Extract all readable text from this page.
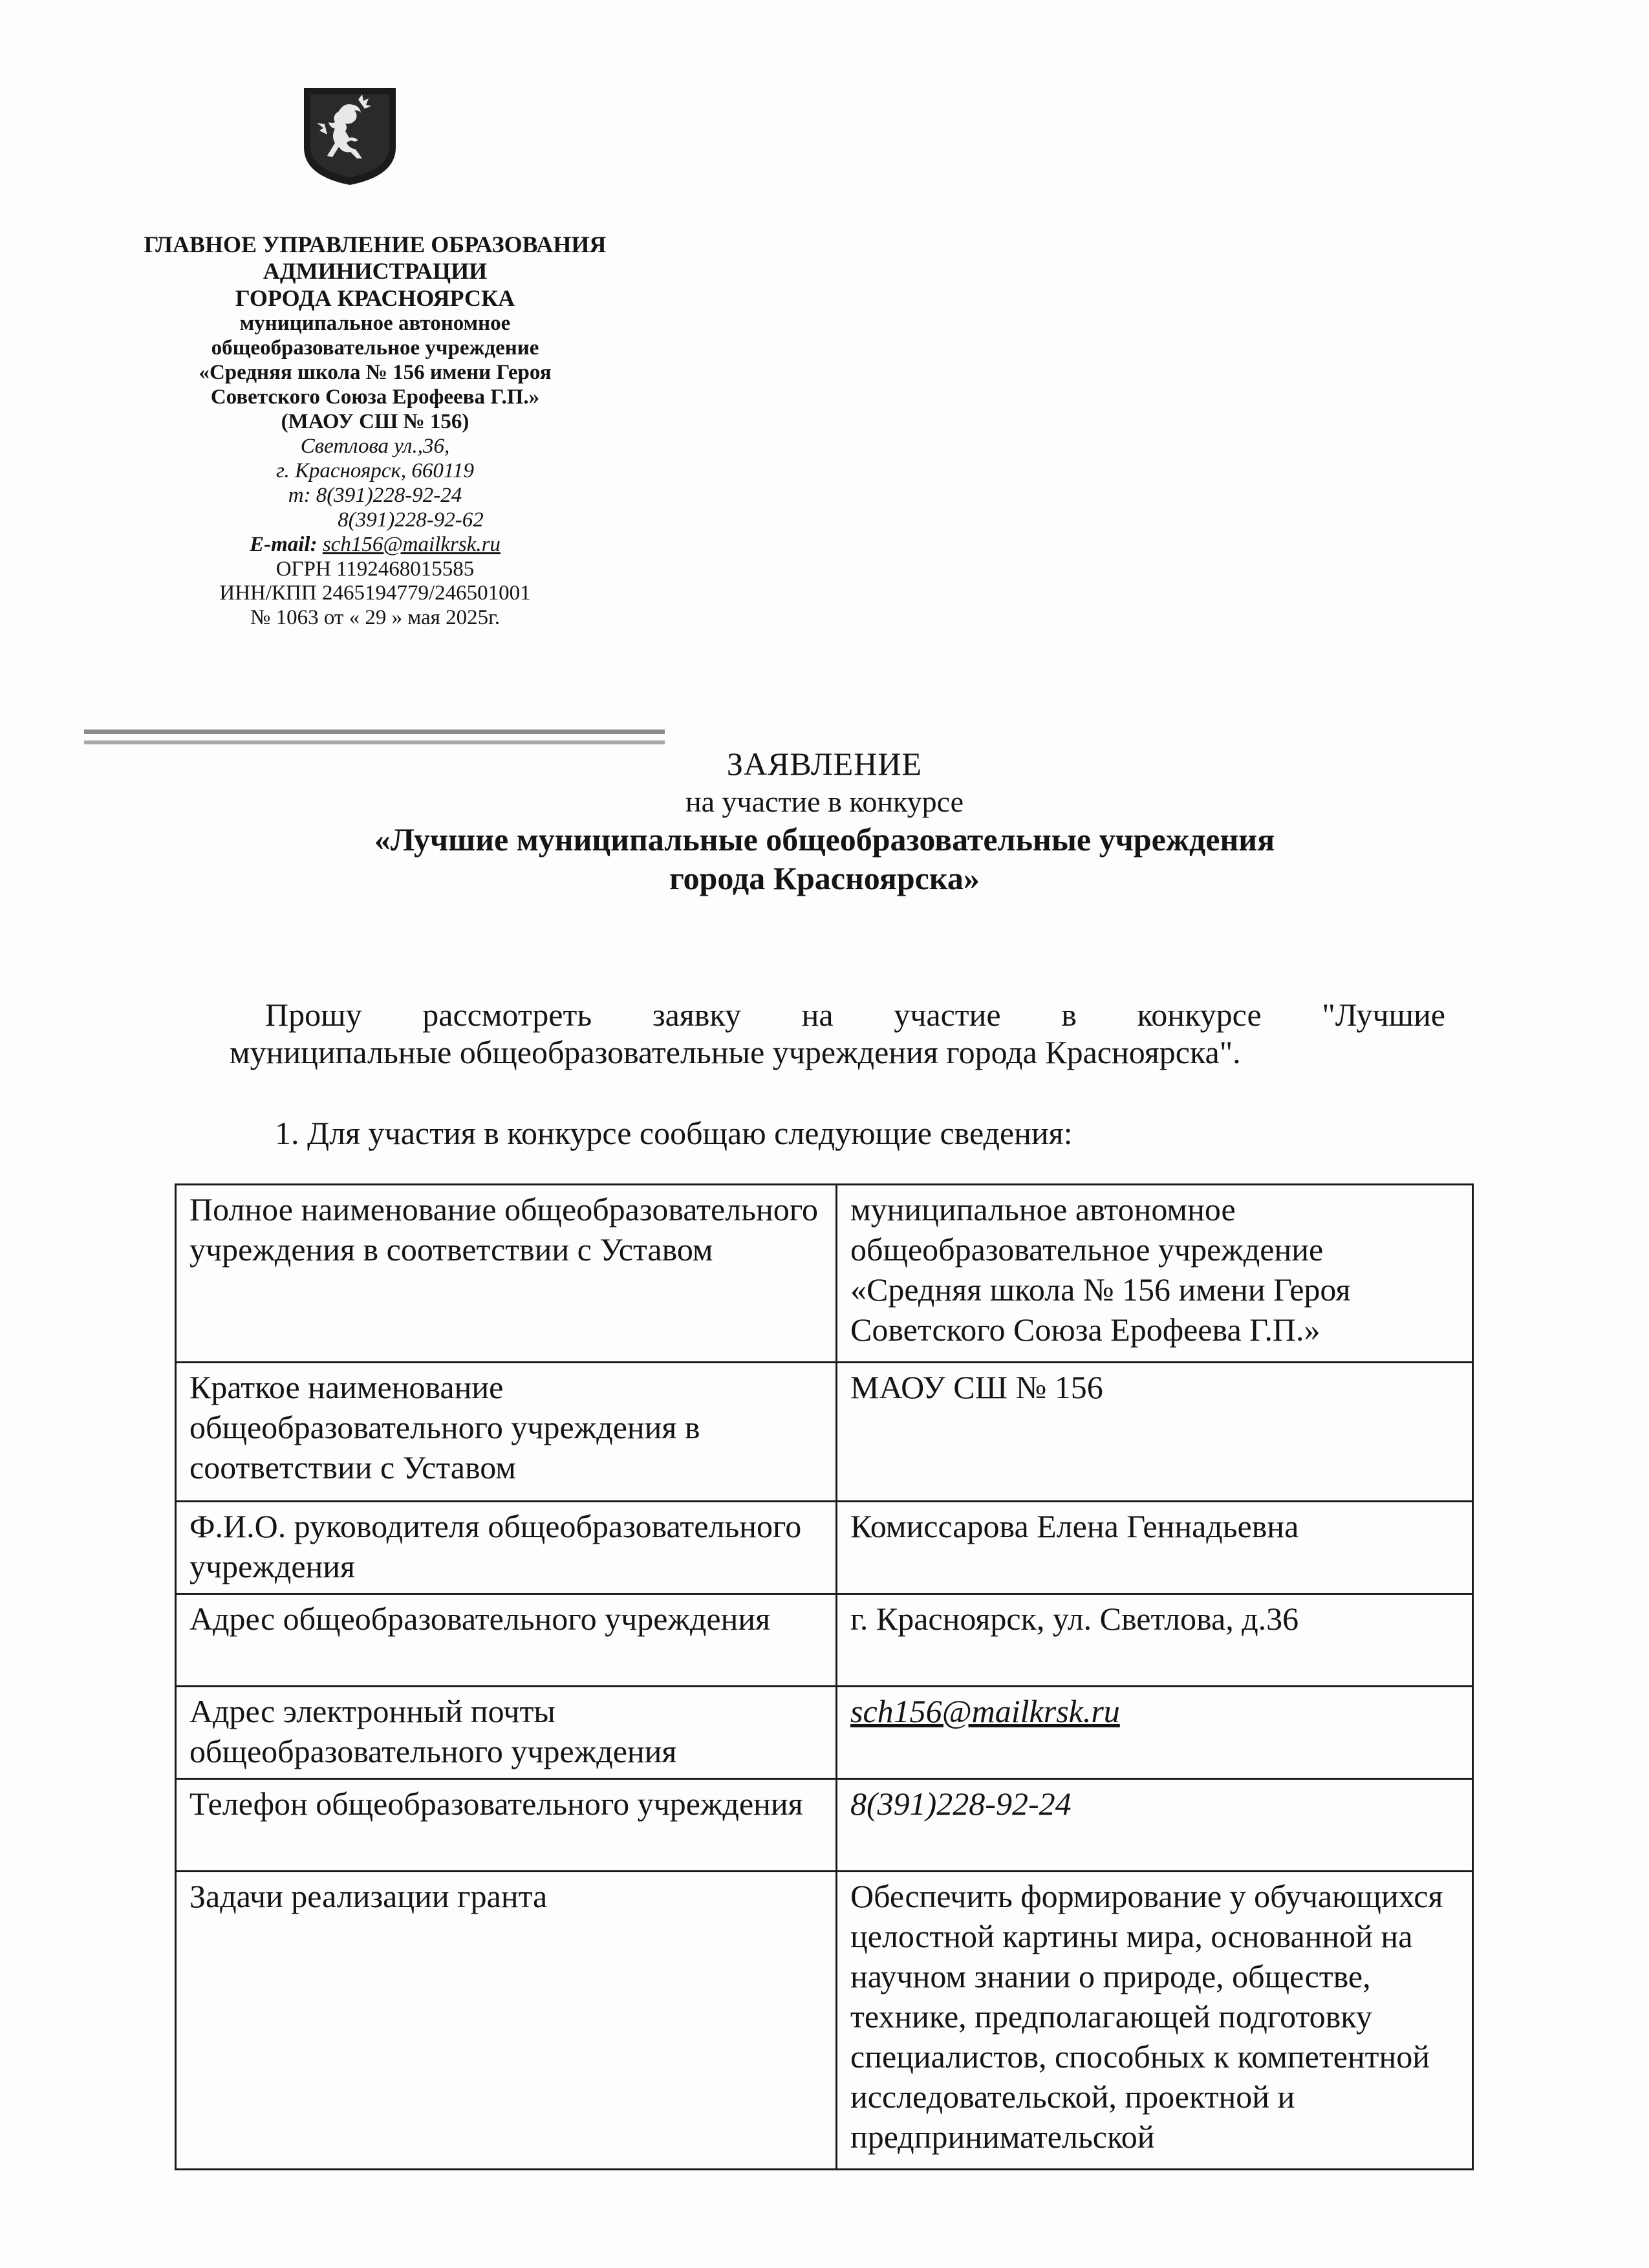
ГЛАВНОЕ УПРАВЛЕНИЕ ОБРАЗОВАНИЯ
АДМИНИСТРАЦИИ
ГОРОДА КРАСНОЯРСКА
муниципальное автономное
общеобразовательное учреждение
«Средняя школа № 156 имени Героя
Советского Союза Ерофеева Г.П.»
(МАОУ СШ № 156)
Светлова ул.,36,
г. Красноярск, 660119
т: 8(391)228-92-24
8(391)228-92-62
E-mail: sch156@mailkrsk.ru
ОГРН 1192468015585
ИНН/КПП 2465194779/246501001
№ 1063 от « 29 » мая 2025г.
ЗАЯВЛЕНИЕ
на участие в конкурсе
«Лучшие муниципальные общеобразовательные учреждения
города Красноярска»
Прошу рассмотреть заявку на участие в конкурсе "Лучшие
муниципальные общеобразовательные учреждения города Красноярска".
1. Для участия в конкурсе сообщаю следующие сведения:
Полное наименование общеобразовательного учреждения в соответствии с Уставом	муниципальное автономное общеобразовательное учреждение «Средняя школа № 156 имени Героя Советского Союза Ерофеева Г.П.»
Краткое наименование общеобразовательного учреждения в соответствии с Уставом	МАОУ СШ № 156
Ф.И.О. руководителя общеобразовательного учреждения	Комиссарова Елена Геннадьевна
Адрес общеобразовательного учреждения	г. Красноярск, ул. Светлова, д.36
Адрес электронный почты общеобразовательного учреждения	sch156@mailkrsk.ru
Телефон общеобразовательного учреждения	8(391)228-92-24
Задачи реализации гранта	Обеспечить формирование у обучающихся целостной картины мира, основанной на научном знании о природе, обществе, технике, предполагающей подготовку специалистов, способных к компетентной исследовательской, проектной и предпринимательской
